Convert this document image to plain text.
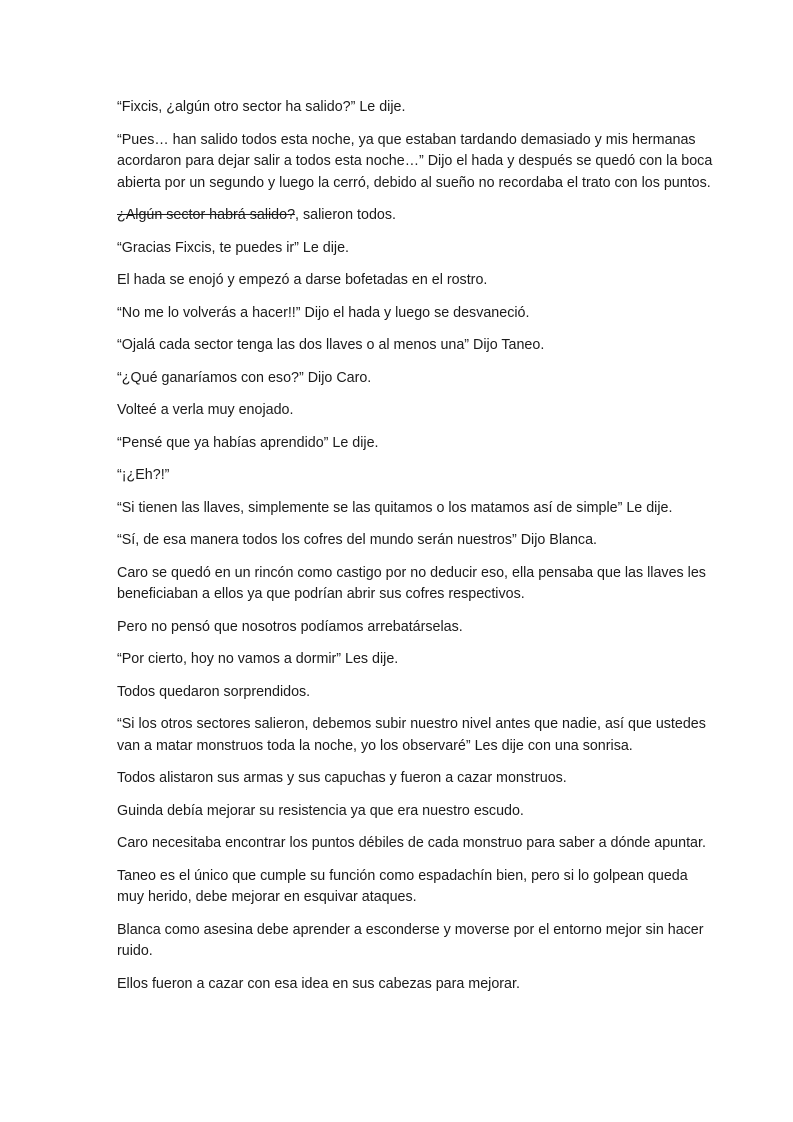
“Fixcis, ¿algún otro sector ha salido?” Le dije.

“Pues… han salido todos esta noche, ya que estaban tardando demasiado y mis hermanas acordaron para dejar salir a todos esta noche…” Dijo el hada y después se quedó con la boca abierta por un segundo y luego la cerró, debido al sueño no recordaba el trato con los puntos.

¿Algún sector habrá salido?, salieron todos.

“Gracias Fixcis, te puedes ir” Le dije.

El hada se enojó y empezó a darse bofetadas en el rostro.

“No me lo volverás a hacer!!” Dijo el hada y luego se desvaneció.

“Ojalá cada sector tenga las dos llaves o al menos una” Dijo Taneo.

“¿Qué ganaríamos con eso?” Dijo Caro.

Volteé a verla muy enojado.

“Pensé que ya habías aprendido” Le dije.

“¡¿Eh?!”

“Si tienen las llaves, simplemente se las quitamos o los matamos así de simple” Le dije.

“Sí, de esa manera todos los cofres del mundo serán nuestros” Dijo Blanca.

Caro se quedó en un rincón como castigo por no deducir eso, ella pensaba que las llaves les beneficiaban a ellos ya que podrían abrir sus cofres respectivos.

Pero no pensó que nosotros podíamos arrebatárselas.

“Por cierto, hoy no vamos a dormir” Les dije.

Todos quedaron sorprendidos.

“Si los otros sectores salieron, debemos subir nuestro nivel antes que nadie, así que ustedes van a matar monstruos toda la noche, yo los observaré” Les dije con una sonrisa.

Todos alistaron sus armas y sus capuchas y fueron a cazar monstruos.

Guinda debía mejorar su resistencia ya que era nuestro escudo.

Caro necesitaba encontrar los puntos débiles de cada monstruo para saber a dónde apuntar.

Taneo es el único que cumple su función como espadachín bien, pero si lo golpean queda muy herido, debe mejorar en esquivar ataques.

Blanca como asesina debe aprender a esconderse y moverse por el entorno mejor sin hacer ruido.

Ellos fueron a cazar con esa idea en sus cabezas para mejorar.
